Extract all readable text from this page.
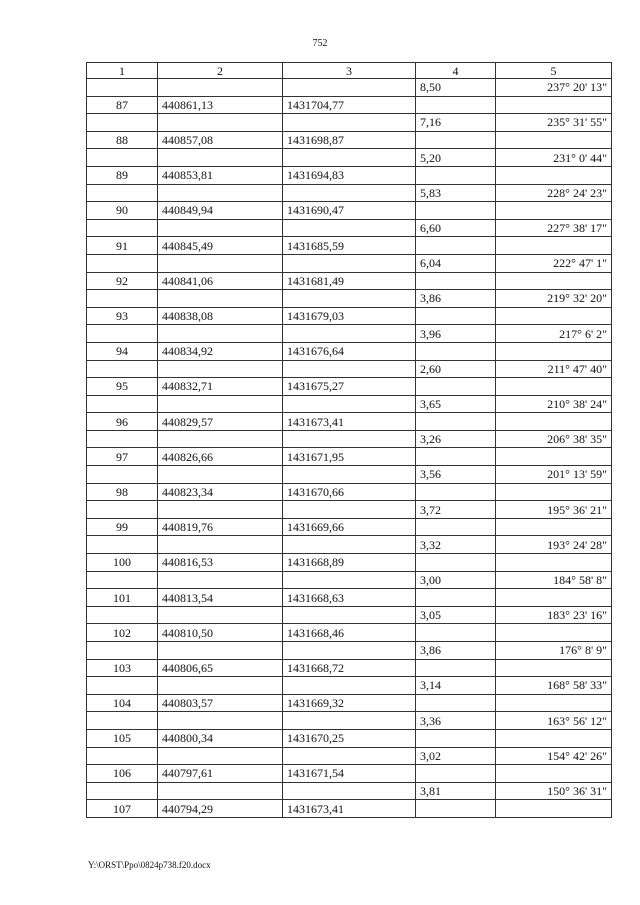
752
1	2	3	4	5
			8,50	237° 20' 13"
87	440861,13	1431704,77		
			7,16	235° 31' 55"
88	440857,08	1431698,87		
			5,20	231° 0' 44"
89	440853,81	1431694,83		
			5,83	228° 24' 23"
90	440849,94	1431690,47		
			6,60	227° 38' 17"
91	440845,49	1431685,59		
			6,04	222° 47' 1"
92	440841,06	1431681,49		
			3,86	219° 32' 20"
93	440838,08	1431679,03		
			3,96	217° 6' 2"
94	440834,92	1431676,64		
			2,60	211° 47' 40"
95	440832,71	1431675,27		
			3,65	210° 38' 24"
96	440829,57	1431673,41		
			3,26	206° 38' 35"
97	440826,66	1431671,95		
			3,56	201° 13' 59"
98	440823,34	1431670,66		
			3,72	195° 36' 21"
99	440819,76	1431669,66		
			3,32	193° 24' 28"
100	440816,53	1431668,89		
			3,00	184° 58' 8"
101	440813,54	1431668,63		
			3,05	183° 23' 16"
102	440810,50	1431668,46		
			3,86	176° 8' 9"
103	440806,65	1431668,72		
			3,14	168° 58' 33"
104	440803,57	1431669,32		
			3,36	163° 56' 12"
105	440800,34	1431670,25		
			3,02	154° 42' 26"
106	440797,61	1431671,54		
			3,81	150° 36' 31"
107	440794,29	1431673,41		
Y:\ORST\Ppo\0824p738.f20.docx
